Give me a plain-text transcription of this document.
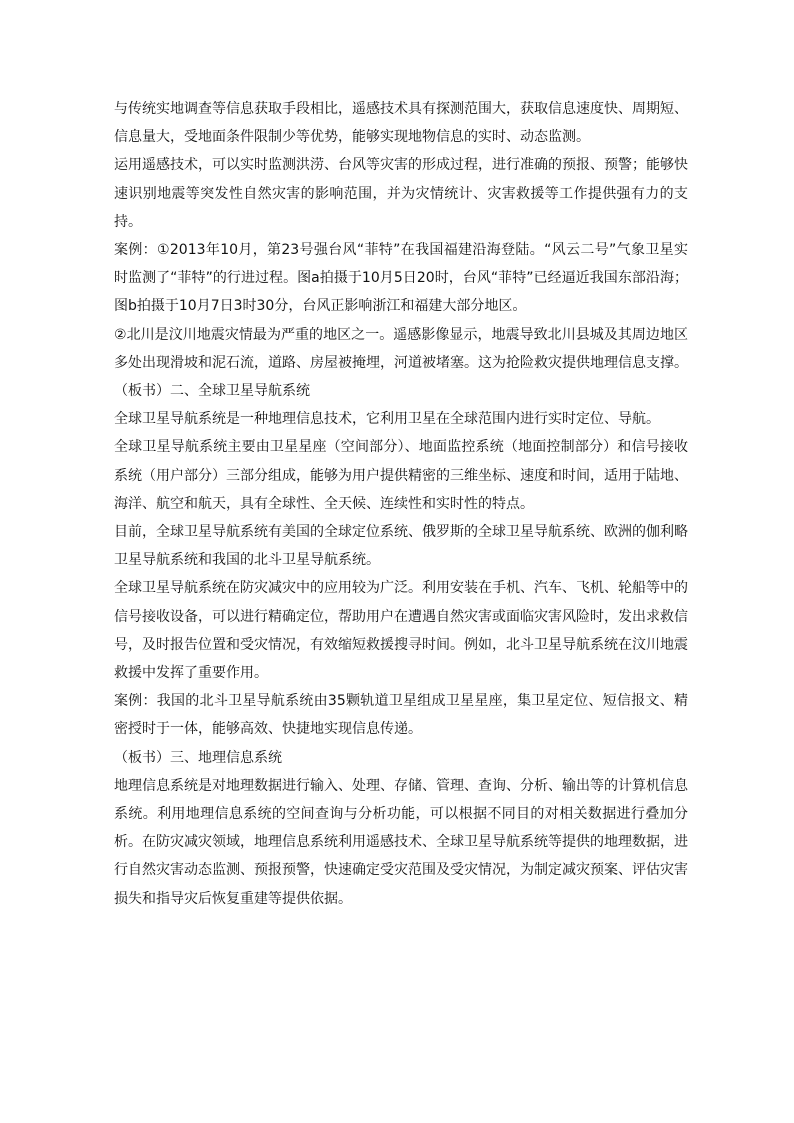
与传统实地调查等信息获取手段相比，遥感技术具有探测范围大，获取信息速度快、周期短、信息量大，受地面条件限制少等优势，能够实现地物信息的实时、动态监测。

运用遥感技术，可以实时监测洪涝、台风等灾害的形成过程，进行准确的预报、预警；能够快速识别地震等突发性自然灾害的影响范围，并为灾情统计、灾害救援等工作提供强有力的支持。

案例：①2013年10月，第23号强台风“菲特”在我国福建沿海登陆。“风云二号”气象卫星实时监测了“菲特”的行进过程。图a拍摄于10月5日20时，台风“菲特”已经逼近我国东部沿海；图b拍摄于10月7日3时30分，台风正影响浙江和福建大部分地区。

②北川是汶川地震灾情最为严重的地区之一。遥感影像显示，地震导致北川县城及其周边地区多处出现滑坡和泥石流，道路、房屋被掩埋，河道被堵塞。这为抢险救灾提供地理信息支撑。

（板书）二、全球卫星导航系统

全球卫星导航系统是一种地理信息技术，它利用卫星在全球范围内进行实时定位、导航。

全球卫星导航系统主要由卫星星座（空间部分）、地面监控系统（地面控制部分）和信号接收系统（用户部分）三部分组成，能够为用户提供精密的三维坐标、速度和时间，适用于陆地、海洋、航空和航天，具有全球性、全天候、连续性和实时性的特点。

目前，全球卫星导航系统有美国的全球定位系统、俄罗斯的全球卫星导航系统、欧洲的伽利略卫星导航系统和我国的北斗卫星导航系统。

全球卫星导航系统在防灾减灾中的应用较为广泛。利用安装在手机、汽车、飞机、轮船等中的信号接收设备，可以进行精确定位，帮助用户在遭遇自然灾害或面临灾害风险时，发出求救信号，及时报告位置和受灾情况，有效缩短救援搜寻时间。例如，北斗卫星导航系统在汶川地震救援中发挥了重要作用。

案例：我国的北斗卫星导航系统由35颗轨道卫星组成卫星星座，集卫星定位、短信报文、精密授时于一体，能够高效、快捷地实现信息传递。

（板书）三、地理信息系统

地理信息系统是对地理数据进行输入、处理、存储、管理、查询、分析、输出等的计算机信息系统。利用地理信息系统的空间查询与分析功能，可以根据不同目的对相关数据进行叠加分析。在防灾减灾领域，地理信息系统利用遥感技术、全球卫星导航系统等提供的地理数据，进行自然灾害动态监测、预报预警，快速确定受灾范围及受灾情况，为制定减灾预案、评估灾害损失和指导灾后恢复重建等提供依据。
